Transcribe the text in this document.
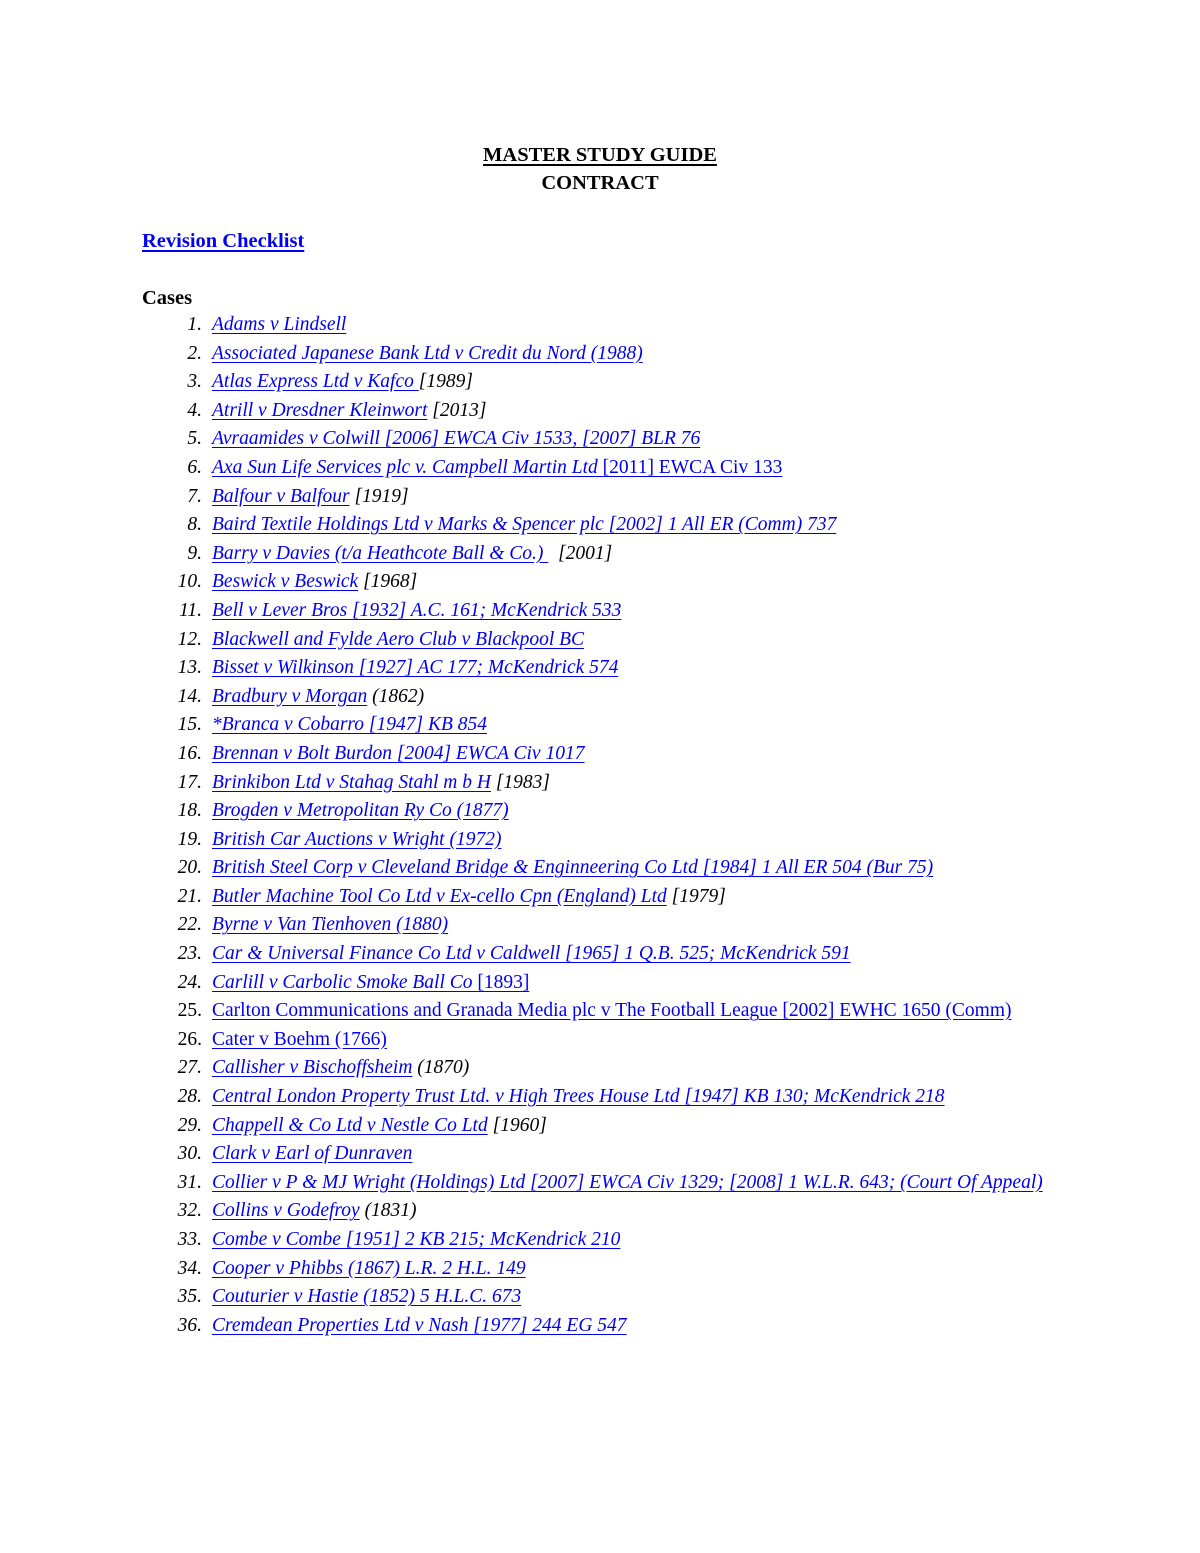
MASTER STUDY GUIDE

CONTRACT

Revision Checklist

Cases

1. Adams v Lindsell
2. Associated Japanese Bank Ltd v Credit du Nord (1988)
3. Atlas Express Ltd v Kafco [1989]
4. Atrill v Dresdner Kleinwort [2013]
5. Avraamides v Colwill [2006] EWCA Civ 1533, [2007] BLR 76
6. Axa Sun Life Services plc v. Campbell Martin Ltd [2011] EWCA Civ 133
7. Balfour v Balfour [1919]
8. Baird Textile Holdings Ltd v Marks & Spencer plc [2002] 1 All ER (Comm) 737
9. Barry v Davies (t/a Heathcote Ball & Co.)   [2001]
10. Beswick v Beswick [1968]
11. Bell v Lever Bros [1932] A.C. 161; McKendrick 533
12. Blackwell and Fylde Aero Club v Blackpool BC
13. Bisset v Wilkinson [1927] AC 177; McKendrick 574
14. Bradbury v Morgan (1862)
15. *Branca v Cobarro [1947] KB 854
16. Brennan v Bolt Burdon [2004] EWCA Civ 1017
17. Brinkibon Ltd v Stahag Stahl m b H [1983]
18. Brogden v Metropolitan Ry Co (1877)
19. British Car Auctions v Wright (1972)
20. British Steel Corp v Cleveland Bridge & Enginneering Co Ltd [1984] 1 All ER 504 (Bur 75)
21. Butler Machine Tool Co Ltd v Ex-cello Cpn (England) Ltd [1979]
22. Byrne v Van Tienhoven (1880)
23. Car & Universal Finance Co Ltd v Caldwell [1965] 1 Q.B. 525; McKendrick 591
24. Carlill v Carbolic Smoke Ball Co [1893]
25. Carlton Communications and Granada Media plc v The Football League [2002] EWHC 1650 (Comm)
26. Cater v Boehm (1766)
27. Callisher v Bischoffsheim (1870)
28. Central London Property Trust Ltd. v High Trees House Ltd [1947] KB 130; McKendrick 218
29. Chappell & Co Ltd v Nestle Co Ltd [1960]
30. Clark v Earl of Dunraven
31. Collier v P & MJ Wright (Holdings) Ltd [2007] EWCA Civ 1329; [2008] 1 W.L.R. 643; (Court Of Appeal)
32. Collins v Godefroy (1831)
33. Combe v Combe [1951] 2 KB 215; McKendrick 210
34. Cooper v Phibbs (1867) L.R. 2 H.L. 149
35. Couturier v Hastie (1852) 5 H.L.C. 673
36. Cremdean Properties Ltd v Nash [1977] 244 EG 547
